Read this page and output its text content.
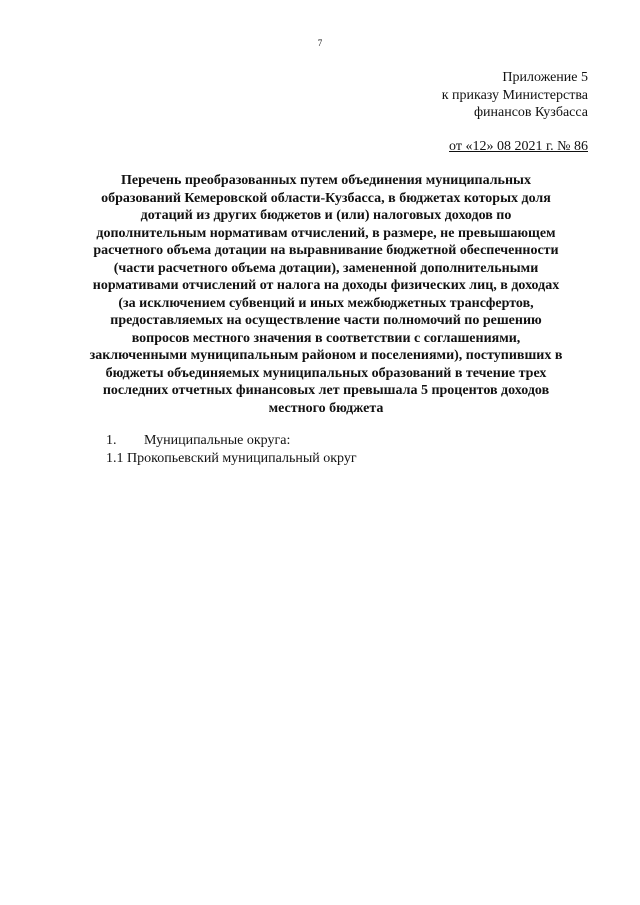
7
Приложение 5
к приказу Министерства
финансов Кузбасса
от «12» 08 2021 г. № 86
Перечень преобразованных путем объединения муниципальных
образований Кемеровской области-Кузбасса, в бюджетах которых доля
дотаций из других бюджетов и (или) налоговых доходов по
дополнительным нормативам отчислений, в размере, не превышающем
расчетного объема дотации на выравнивание бюджетной обеспеченности
(части расчетного объема дотации), замененной дополнительными
нормативами отчислений от налога на доходы физических лиц, в доходах
(за исключением субвенций и иных межбюджетных трансфертов,
предоставляемых на осуществление части полномочий по решению
вопросов местного значения в соответствии с соглашениями,
заключенными муниципальным районом и поселениями), поступивших в
бюджеты объединяемых муниципальных образований в течение трех
последних отчетных финансовых лет превышала 5 процентов доходов
местного бюджета
1. Муниципальные округа:
1.1 Прокопьевский муниципальный округ
